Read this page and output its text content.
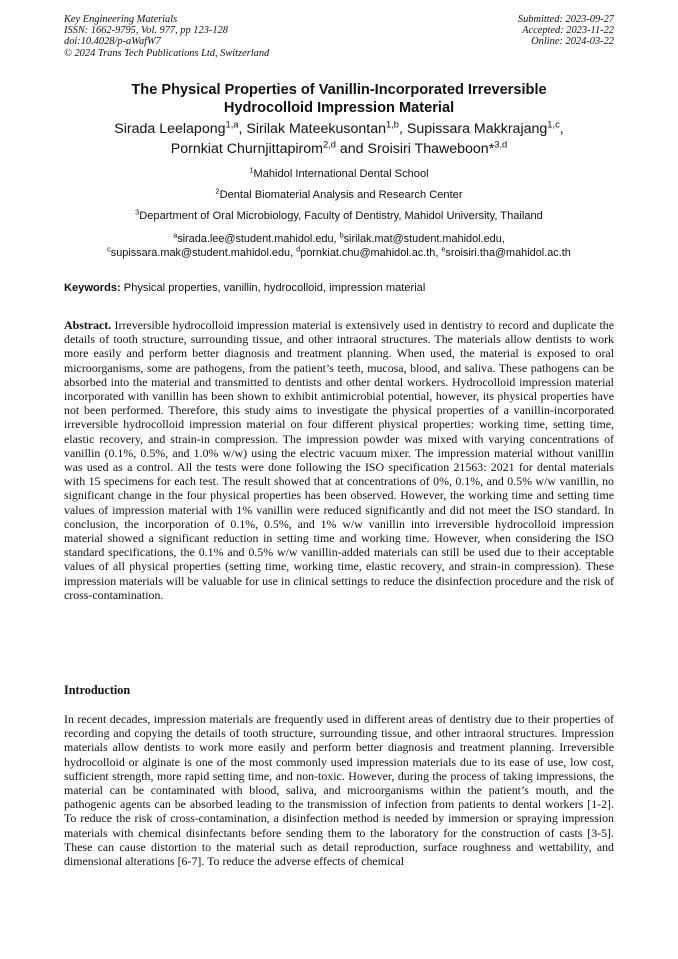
Key Engineering Materials
ISSN: 1662-9795, Vol. 977, pp 123-128
doi:10.4028/p-aWafW7
© 2024 Trans Tech Publications Ltd, Switzerland
Submitted: 2023-09-27
Accepted: 2023-11-22
Online: 2024-03-22
The Physical Properties of Vanillin-Incorporated Irreversible
Hydrocolloid Impression Material
Sirada Leelapong$^{1,a}$, Sirilak Mateekusontan$^{1,b}$, Supissara Makkrajang$^{1,c}$,
Pornkiat Churnjittapirom$^{2,d}$ and Sroisiri Thaweboon*$^{3,d}$
$^1$Mahidol International Dental School
$^2$Dental Biomaterial Analysis and Research Center
$^3$Department of Oral Microbiology, Faculty of Dentistry, Mahidol University, Thailand
$^a$sirada.lee@student.mahidol.edu, $^b$sirilak.mat@student.mahidol.edu,
$^c$supissara.mak@student.mahidol.edu, $^d$pornkiat.chu@mahidol.ac.th, $^e$sroisiri.tha@mahidol.ac.th
Keywords: Physical properties, vanillin, hydrocolloid, impression material
Abstract. Irreversible hydrocolloid impression material is extensively used in dentistry to record and duplicate the details of tooth structure, surrounding tissue, and other intraoral structures. The materials allow dentists to work more easily and perform better diagnosis and treatment planning. When used, the material is exposed to oral microorganisms, some are pathogens, from the patient’s teeth, mucosa, blood, and saliva. These pathogens can be absorbed into the material and transmitted to dentists and other dental workers. Hydrocolloid impression material incorporated with vanillin has been shown to exhibit antimicrobial potential, however, its physical properties have not been performed. Therefore, this study aims to investigate the physical properties of a vanillin-incorporated irreversible hydrocolloid impression material on four different physical properties: working time, setting time, elastic recovery, and strain-in compression. The impression powder was mixed with varying concentrations of vanillin (0.1%, 0.5%, and 1.0% w/w) using the electric vacuum mixer. The impression material without vanillin was used as a control. All the tests were done following the ISO specification 21563: 2021 for dental materials with 15 specimens for each test. The result showed that at concentrations of 0%, 0.1%, and 0.5% w/w vanillin, no significant change in the four physical properties has been observed. However, the working time and setting time values of impression material with 1% vanillin were reduced significantly and did not meet the ISO standard. In conclusion, the incorporation of 0.1%, 0.5%, and 1% w/w vanillin into irreversible hydrocolloid impression material showed a significant reduction in setting time and working time. However, when considering the ISO standard specifications, the 0.1% and 0.5% w/w vanillin-added materials can still be used due to their acceptable values of all physical properties (setting time, working time, elastic recovery, and strain-in compression). These impression materials will be valuable for use in clinical settings to reduce the disinfection procedure and the risk of cross-contamination.
Introduction
In recent decades, impression materials are frequently used in different areas of dentistry due to their properties of recording and copying the details of tooth structure, surrounding tissue, and other intraoral structures. Impression materials allow dentists to work more easily and perform better diagnosis and treatment planning. Irreversible hydrocolloid or alginate is one of the most commonly used impression materials due to its ease of use, low cost, sufficient strength, more rapid setting time, and non-toxic. However, during the process of taking impressions, the material can be contaminated with blood, saliva, and microorganisms within the patient’s mouth, and the pathogenic agents can be absorbed leading to the transmission of infection from patients to dental workers [1-2]. To reduce the risk of cross-contamination, a disinfection method is needed by immersion or spraying impression materials with chemical disinfectants before sending them to the laboratory for the construction of casts [3-5]. These can cause distortion to the material such as detail reproduction, surface roughness and wettability, and dimensional alterations [6-7]. To reduce the adverse effects of chemical
